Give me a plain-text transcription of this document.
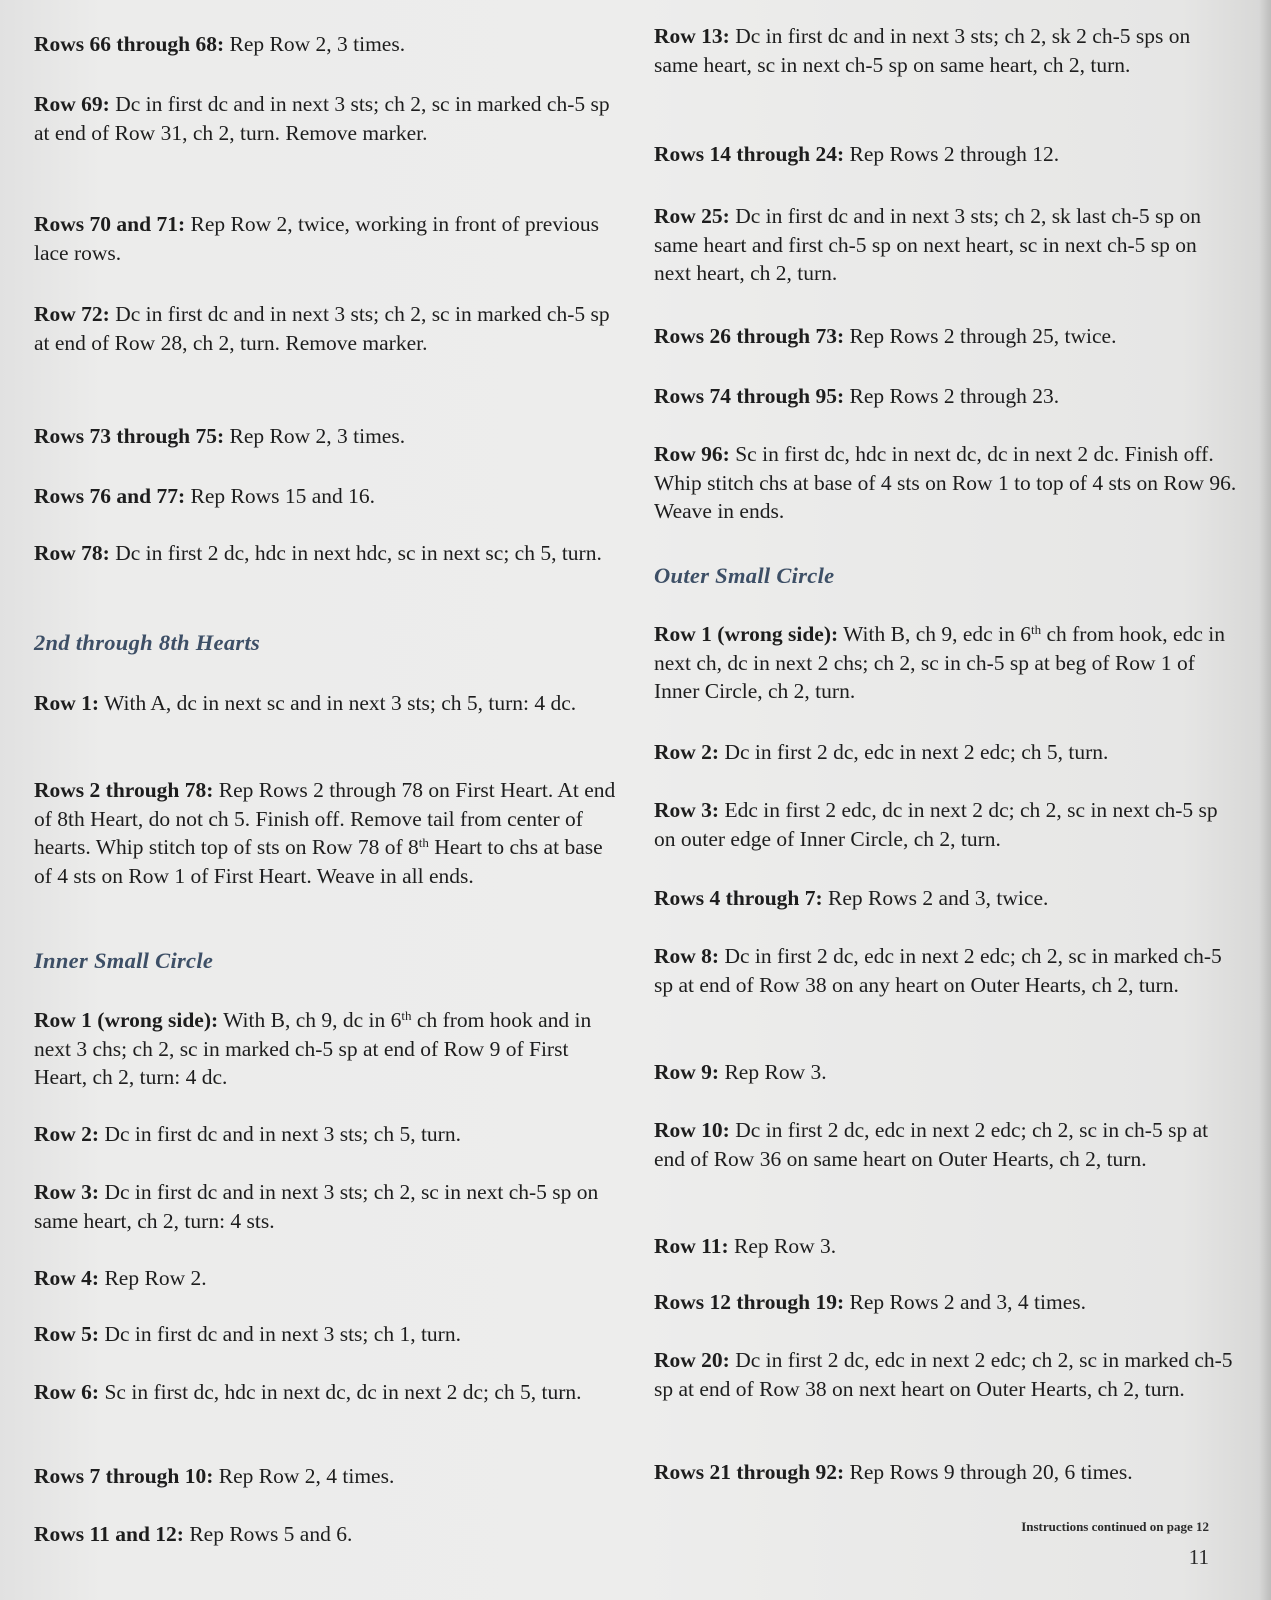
Rows 66 through 68: Rep Row 2, 3 times.
Row 69: Dc in first dc and in next 3 sts; ch 2, sc in marked ch-5 sp at end of Row 31, ch 2, turn. Remove marker.
Rows 70 and 71: Rep Row 2, twice, working in front of previous lace rows.
Row 72: Dc in first dc and in next 3 sts; ch 2, sc in marked ch-5 sp at end of Row 28, ch 2, turn. Remove marker.
Rows 73 through 75: Rep Row 2, 3 times.
Rows 76 and 77: Rep Rows 15 and 16.
Row 78: Dc in first 2 dc, hdc in next hdc, sc in next sc; ch 5, turn.
2nd through 8th Hearts
Row 1: With A, dc in next sc and in next 3 sts; ch 5, turn: 4 dc.
Rows 2 through 78: Rep Rows 2 through 78 on First Heart. At end of 8th Heart, do not ch 5. Finish off. Remove tail from center of hearts. Whip stitch top of sts on Row 78 of 8th Heart to chs at base of 4 sts on Row 1 of First Heart. Weave in all ends.
Inner Small Circle
Row 1 (wrong side): With B, ch 9, dc in 6th ch from hook and in next 3 chs; ch 2, sc in marked ch-5 sp at end of Row 9 of First Heart, ch 2, turn: 4 dc.
Row 2: Dc in first dc and in next 3 sts; ch 5, turn.
Row 3: Dc in first dc and in next 3 sts; ch 2, sc in next ch-5 sp on same heart, ch 2, turn: 4 sts.
Row 4: Rep Row 2.
Row 5: Dc in first dc and in next 3 sts; ch 1, turn.
Row 6: Sc in first dc, hdc in next dc, dc in next 2 dc; ch 5, turn.
Rows 7 through 10: Rep Row 2, 4 times.
Rows 11 and 12: Rep Rows 5 and 6.
Row 13: Dc in first dc and in next 3 sts; ch 2, sk 2 ch-5 sps on same heart, sc in next ch-5 sp on same heart, ch 2, turn.
Rows 14 through 24: Rep Rows 2 through 12.
Row 25: Dc in first dc and in next 3 sts; ch 2, sk last ch-5 sp on same heart and first ch-5 sp on next heart, sc in next ch-5 sp on next heart, ch 2, turn.
Rows 26 through 73: Rep Rows 2 through 25, twice.
Rows 74 through 95: Rep Rows 2 through 23.
Row 96: Sc in first dc, hdc in next dc, dc in next 2 dc. Finish off. Whip stitch chs at base of 4 sts on Row 1 to top of 4 sts on Row 96. Weave in ends.
Outer Small Circle
Row 1 (wrong side): With B, ch 9, edc in 6th ch from hook, edc in next ch, dc in next 2 chs; ch 2, sc in ch-5 sp at beg of Row 1 of Inner Circle, ch 2, turn.
Row 2: Dc in first 2 dc, edc in next 2 edc; ch 5, turn.
Row 3: Edc in first 2 edc, dc in next 2 dc; ch 2, sc in next ch-5 sp on outer edge of Inner Circle, ch 2, turn.
Rows 4 through 7: Rep Rows 2 and 3, twice.
Row 8: Dc in first 2 dc, edc in next 2 edc; ch 2, sc in marked ch-5 sp at end of Row 38 on any heart on Outer Hearts, ch 2, turn.
Row 9: Rep Row 3.
Row 10: Dc in first 2 dc, edc in next 2 edc; ch 2, sc in ch-5 sp at end of Row 36 on same heart on Outer Hearts, ch 2, turn.
Row 11: Rep Row 3.
Rows 12 through 19: Rep Rows 2 and 3, 4 times.
Row 20: Dc in first 2 dc, edc in next 2 edc; ch 2, sc in marked ch-5 sp at end of Row 38 on next heart on Outer Hearts, ch 2, turn.
Rows 21 through 92: Rep Rows 9 through 20, 6 times.
Instructions continued on page 12
11
